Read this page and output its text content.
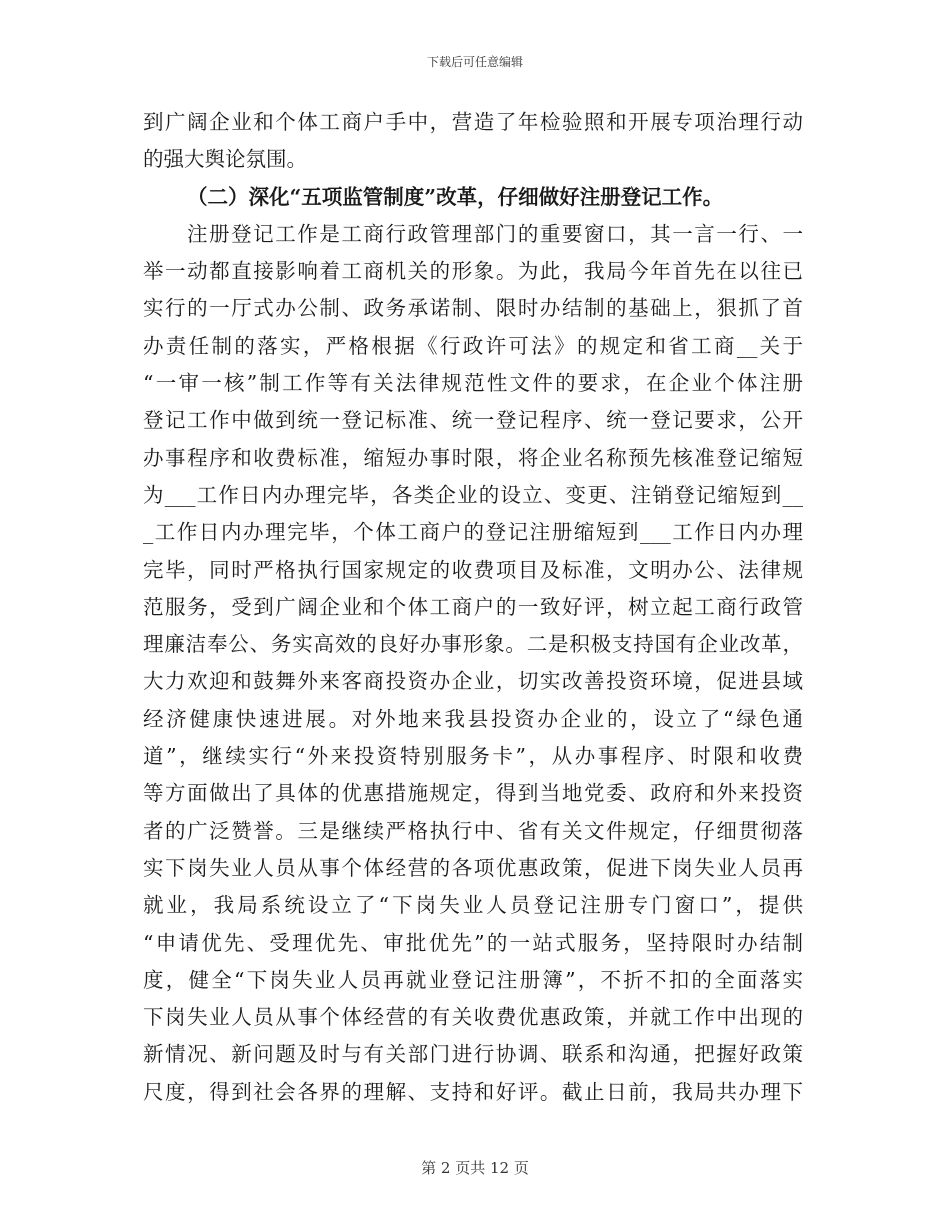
下载后可任意编辑
到广阔企业和个体工商户手中，营造了年检验照和开展专项治理行动
的强大舆论氛围。
（二）深化“五项监管制度”改革，仔细做好注册登记工作。
注册登记工作是工商行政管理部门的重要窗口，其一言一行、一
举一动都直接影响着工商机关的形象。为此，我局今年首先在以往已
实行的一厅式办公制、政务承诺制、限时办结制的基础上，狠抓了首
办责任制的落实，严格根据《行政许可法》的规定和省工商__关于
“一审一核”制工作等有关法律规范性文件的要求，在企业个体注册
登记工作中做到统一登记标准、统一登记程序、统一登记要求，公开
办事程序和收费标准，缩短办事时限，将企业名称预先核准登记缩短
为___工作日内办理完毕，各类企业的设立、变更、注销登记缩短到__
_工作日内办理完毕，个体工商户的登记注册缩短到___工作日内办理
完毕，同时严格执行国家规定的收费项目及标准，文明办公、法律规
范服务，受到广阔企业和个体工商户的一致好评，树立起工商行政管
理廉洁奉公、务实高效的良好办事形象。二是积极支持国有企业改革，
大力欢迎和鼓舞外来客商投资办企业，切实改善投资环境，促进县域
经济健康快速进展。对外地来我县投资办企业的，设立了“绿色通
道”，继续实行“外来投资特别服务卡”，从办事程序、时限和收费
等方面做出了具体的优惠措施规定，得到当地党委、政府和外来投资
者的广泛赞誉。三是继续严格执行中、省有关文件规定，仔细贯彻落
实下岗失业人员从事个体经营的各项优惠政策，促进下岗失业人员再
就业，我局系统设立了“下岗失业人员登记注册专门窗口”，提供
“申请优先、受理优先、审批优先”的一站式服务，坚持限时办结制
度，健全“下岗失业人员再就业登记注册簿”，不折不扣的全面落实
下岗失业人员从事个体经营的有关收费优惠政策，并就工作中出现的
新情况、新问题及时与有关部门进行协调、联系和沟通，把握好政策
尺度，得到社会各界的理解、支持和好评。截止日前，我局共办理下
第 2 页共 12 页
